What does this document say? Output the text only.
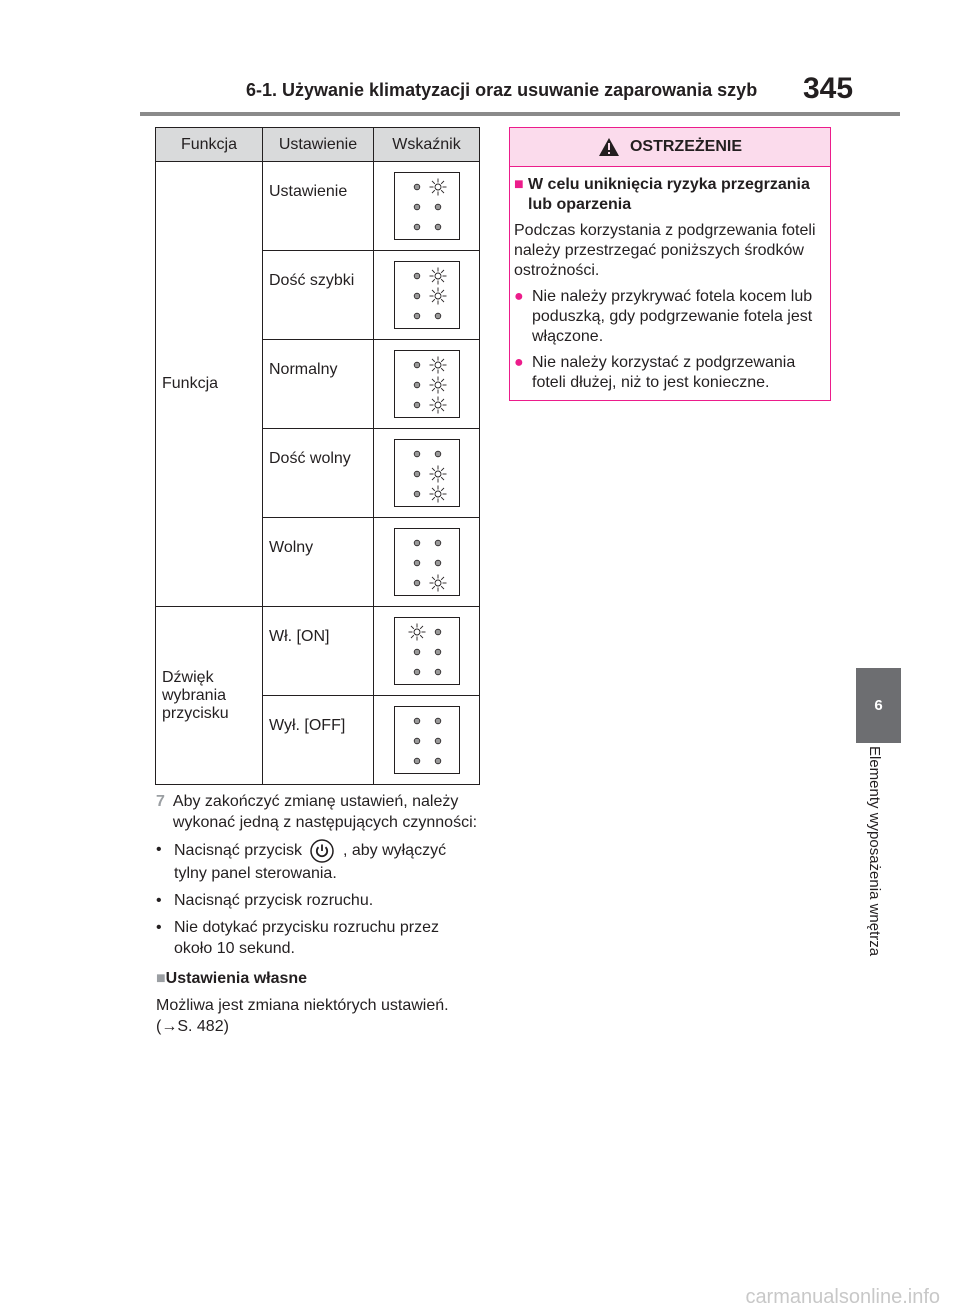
6-1. Używanie klimatyzacji oraz usuwanie zaparowania szyb 345
6
Elementy wyposażenia wnętrza
Funkcja	Ustawienie	Wskaźnik
Funkcja	Ustawienie	

	Dość szybki	

	Normalny	

	Dość wolny	

	Wolny	

Dźwięk wybrania przycisku	Wł. [ON]	

	Wył. [OFF]	
7 Aby zakończyć zmianę ustawień, należy wykonać jedną z następujących czynności:
• Nacisnąć przycisk	, aby wyłączyć tylny panel sterowania.
• Nacisnąć przycisk rozruchu.
• Nie dotykać przycisku rozruchu przez około 10 sekund.
■Ustawienia własne
Możliwa jest zmiana niektórych ustawień. (→S. 482)
OSTRZEŻENIE
■ W celu uniknięcia ryzyka przegrzania lub oparzenia
Podczas korzystania z podgrzewania foteli należy przestrzegać poniższych środków ostrożności.
● Nie należy przykrywać fotela kocem lub poduszką, gdy podgrzewanie fotela jest włączone.
● Nie należy korzystać z podgrzewania foteli dłużej, niż to jest konieczne.
carmanualsonline.info
